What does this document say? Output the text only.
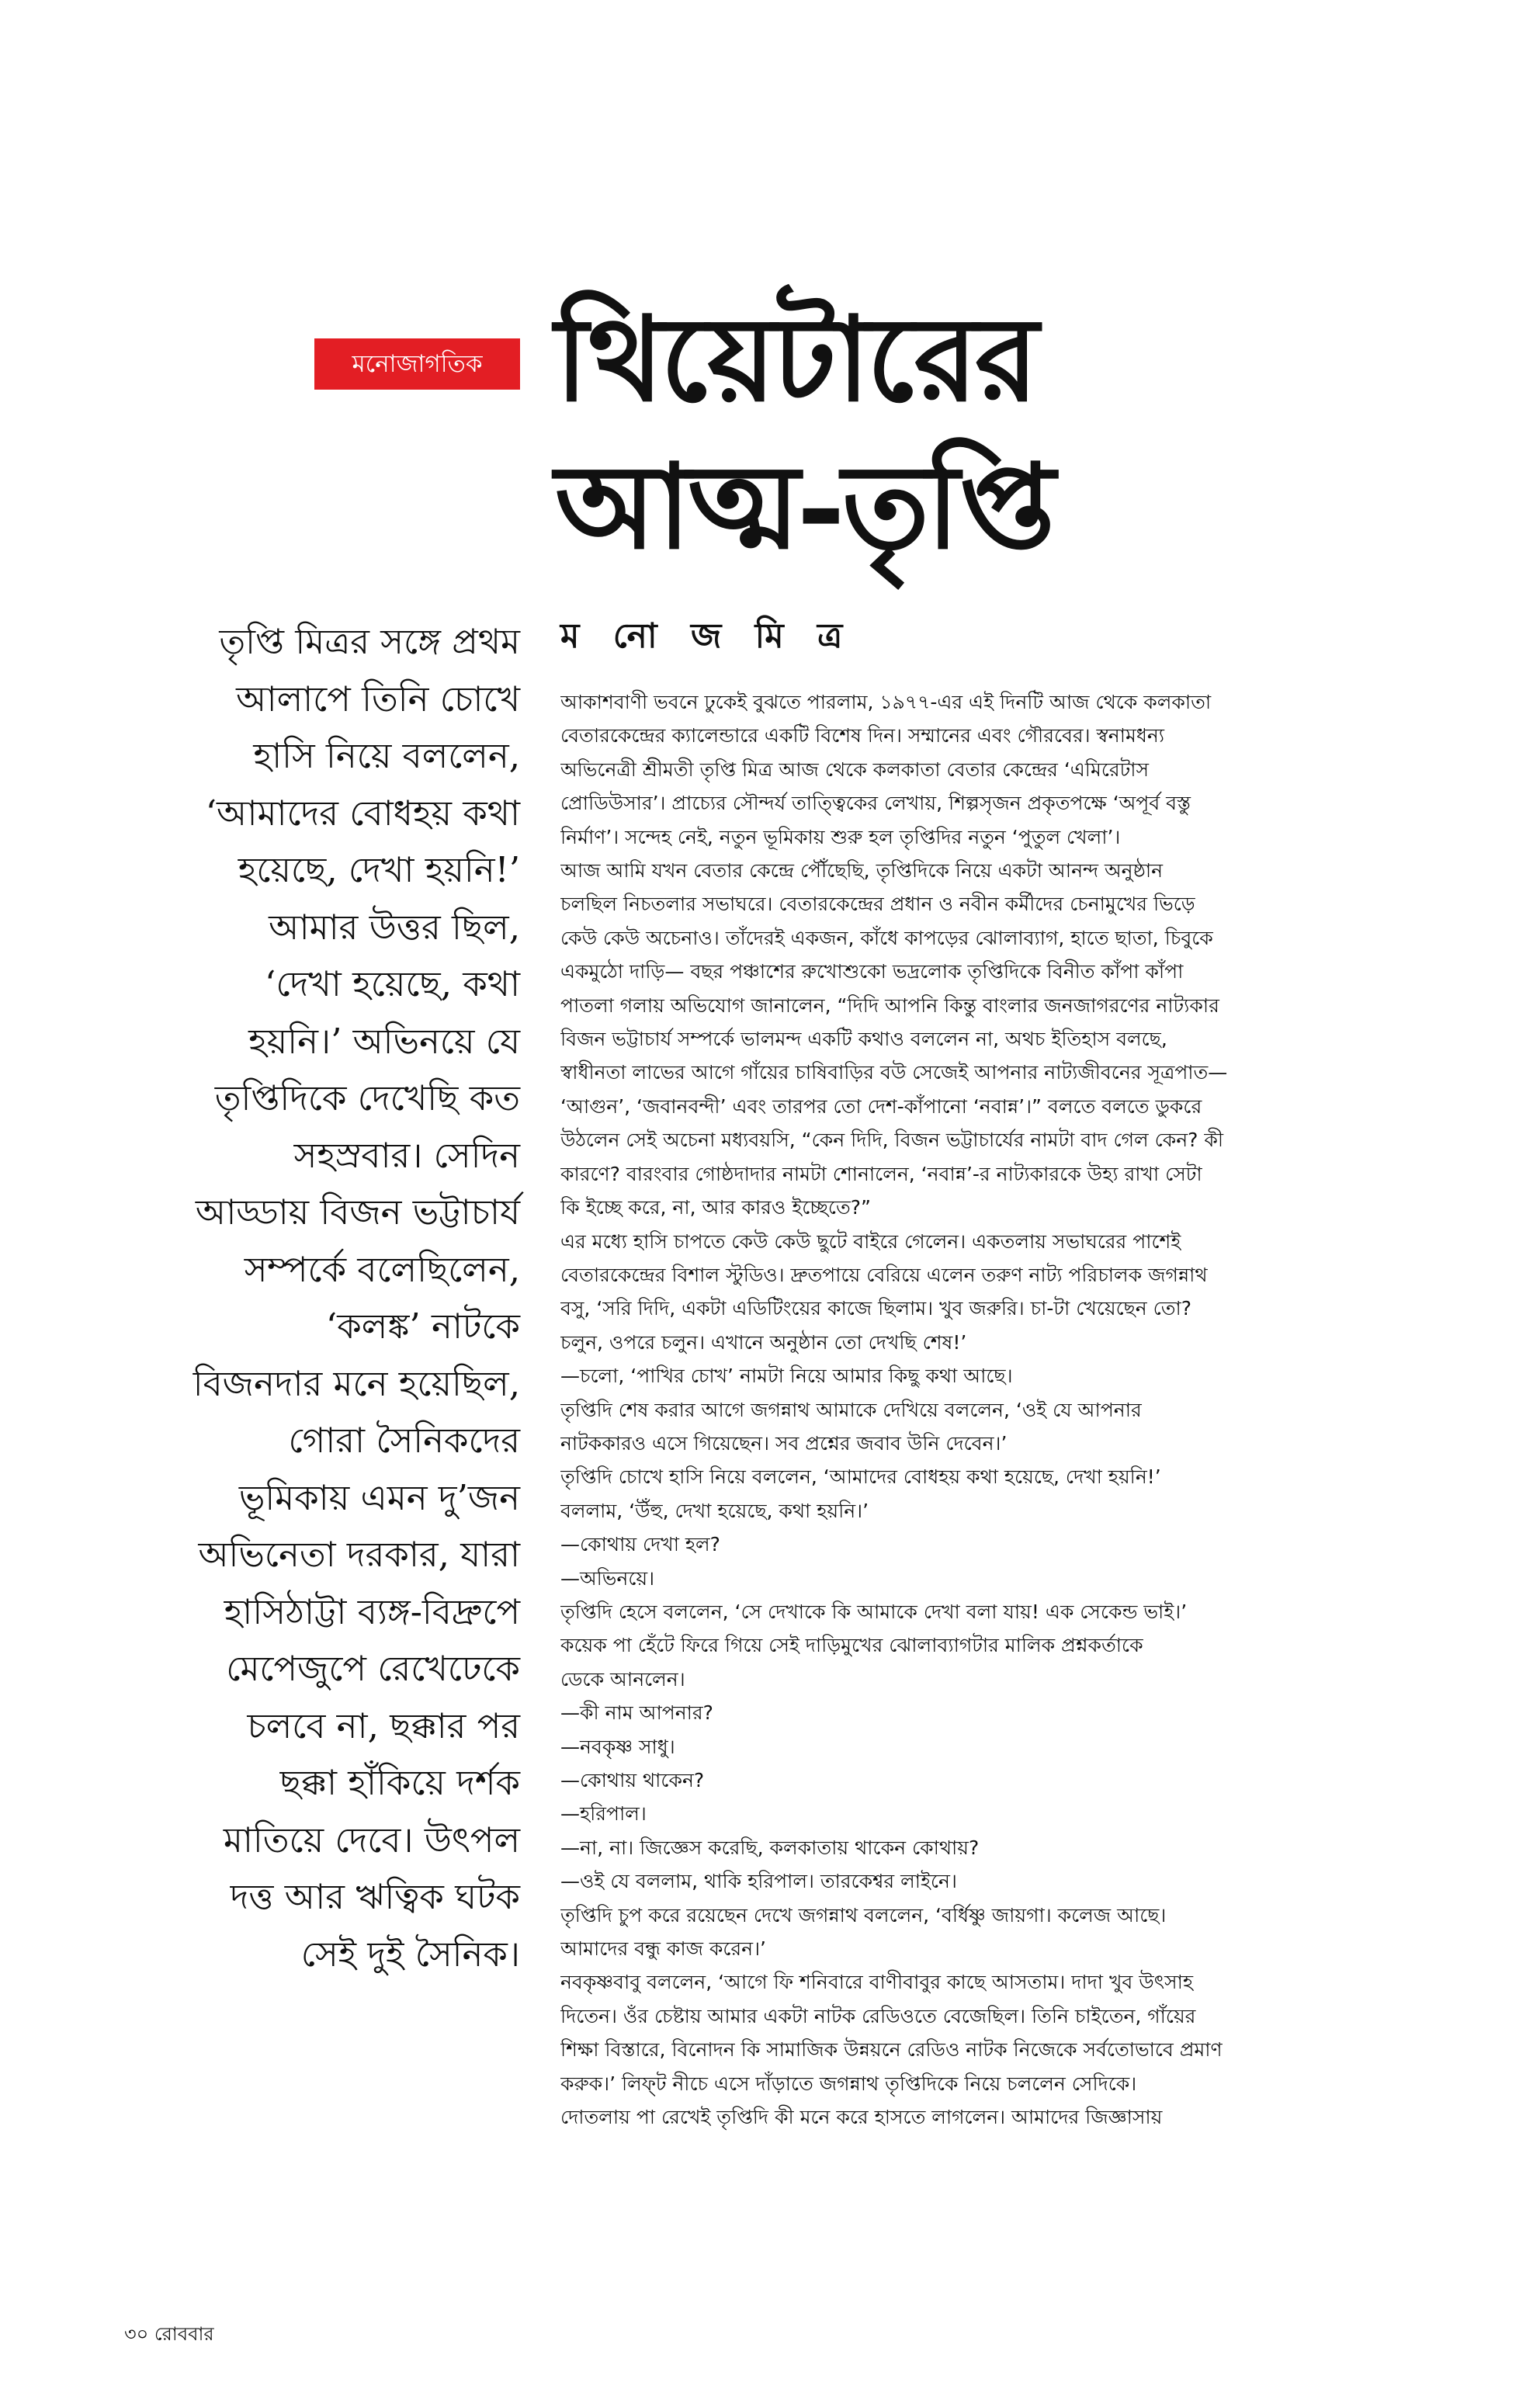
মনোজাগতিক থিয়েটারের
আত্ম-তৃপ্তি
তৃপ্তি মিত্রর সঙ্গে প্রথম
আলাপে তিনি চোখে
হাসি নিয়ে বললেন,
‘আমাদের বোধহয় কথা
হয়েছে, দেখা হয়নি!’
আমার উত্তর ছিল,
‘দেখা হয়েছে, কথা
হয়নি।’ অভিনয়ে যে
তৃপ্তিদিকে দেখেছি কত
সহস্রবার। সেদিন
আড্ডায় বিজন ভট্টাচার্য
সম্পর্কে বলেছিলেন,
‘কলঙ্ক’ নাটকে
বিজনদার মনে হয়েছিল,
গোরা সৈনিকদের
ভূমিকায় এমন দু’জন
অভিনেতা দরকার, যারা
হাসিঠাট্টা ব্যঙ্গ-বিদ্রুপে
মেপেজুপে রেখেঢেকে
চলবে না, ছক্কার পর
ছক্কা হাঁকিয়ে দর্শক
মাতিয়ে দেবে। উৎপল
দত্ত আর ঋত্বিক ঘটক
সেই দুই সৈনিক।
ম নো জ মি ত্র
আকাশবাণী ভবনে ঢুকেই বুঝতে পারলাম, ১৯৭৭-এর এই দিনটি আজ থেকে কলকাতা
বেতারকেন্দ্রের ক্যালেন্ডারে একটি বিশেষ দিন। সম্মানের এবং গৌরবের। স্বনামধন্য
অভিনেত্রী শ্রীমতী তৃপ্তি মিত্র আজ থেকে কলকাতা বেতার কেন্দ্রের ‘এমিরেটাস
প্রোডিউসার’। প্রাচ্যের সৌন্দর্য তাত্ত্বিকের লেখায়, শিল্পসৃজন প্রকৃতপক্ষে ‘অপূর্ব বস্তু
নির্মাণ’। সন্দেহ নেই, নতুন ভূমিকায় শুরু হল তৃপ্তিদির নতুন ‘পুতুল খেলা’।
আজ আমি যখন বেতার কেন্দ্রে পৌঁছেছি, তৃপ্তিদিকে নিয়ে একটা আনন্দ অনুষ্ঠান
চলছিল নিচতলার সভাঘরে। বেতারকেন্দ্রের প্রধান ও নবীন কর্মীদের চেনামুখের ভিড়ে
কেউ কেউ অচেনাও। তাঁদেরই একজন, কাঁধে কাপড়ের ঝোলাব্যাগ, হাতে ছাতা, চিবুকে
একমুঠো দাড়ি— বছর পঞ্চাশের রুখোশুকো ভদ্রলোক তৃপ্তিদিকে বিনীত কাঁপা কাঁপা
পাতলা গলায় অভিযোগ জানালেন, “দিদি আপনি কিন্তু বাংলার জনজাগরণের নাট্যকার
বিজন ভট্টাচার্য সম্পর্কে ভালমন্দ একটি কথাও বললেন না, অথচ ইতিহাস বলছে,
স্বাধীনতা লাভের আগে গাঁয়ের চাষিবাড়ির বউ সেজেই আপনার নাট্যজীবনের সূত্রপাত—
‘আগুন’, ‘জবানবন্দী’ এবং তারপর তো দেশ-কাঁপানো ‘নবান্ন’।” বলতে বলতে ডুকরে
উঠলেন সেই অচেনা মধ্যবয়সি, “কেন দিদি, বিজন ভট্টাচার্যের নামটা বাদ গেল কেন? কী
কারণে? বারংবার গোষ্ঠদাদার নামটা শোনালেন, ‘নবান্ন’-র নাট্যকারকে উহ্য রাখা সেটা
কি ইচ্ছে করে, না, আর কারও ইচ্ছেতে?”
এর মধ্যে হাসি চাপতে কেউ কেউ ছুটে বাইরে গেলেন। একতলায় সভাঘরের পাশেই
বেতারকেন্দ্রের বিশাল স্টুডিও। দ্রুতপায়ে বেরিয়ে এলেন তরুণ নাট্য পরিচালক জগন্নাথ
বসু, ‘সরি দিদি, একটা এডিটিংয়ের কাজে ছিলাম। খুব জরুরি। চা-টা খেয়েছেন তো?
চলুন, ওপরে চলুন। এখানে অনুষ্ঠান তো দেখছি শেষ!’
—চলো, ‘পাখির চোখ’ নামটা নিয়ে আমার কিছু কথা আছে।
তৃপ্তিদি শেষ করার আগে জগন্নাথ আমাকে দেখিয়ে বললেন, ‘ওই যে আপনার
নাটককারও এসে গিয়েছেন। সব প্রশ্নের জবাব উনি দেবেন।’
তৃপ্তিদি চোখে হাসি নিয়ে বললেন, ‘আমাদের বোধহয় কথা হয়েছে, দেখা হয়নি!’
বললাম, ‘উঁহু, দেখা হয়েছে, কথা হয়নি।’
—কোথায় দেখা হল?
—অভিনয়ে।
তৃপ্তিদি হেসে বললেন, ‘সে দেখাকে কি আমাকে দেখা বলা যায়! এক সেকেন্ড ভাই।’
কয়েক পা হেঁটে ফিরে গিয়ে সেই দাড়িমুখের ঝোলাব্যাগটার মালিক প্রশ্নকর্তাকে
ডেকে আনলেন।
—কী নাম আপনার?
—নবকৃষ্ণ সাধু।
—কোথায় থাকেন?
—হরিপাল।
—না, না। জিজ্ঞেস করেছি, কলকাতায় থাকেন কোথায়?
—ওই যে বললাম, থাকি হরিপাল। তারকেশ্বর লাইনে।
তৃপ্তিদি চুপ করে রয়েছেন দেখে জগন্নাথ বললেন, ‘বর্ধিষ্ণু জায়গা। কলেজ আছে।
আমাদের বন্ধু কাজ করেন।’
নবকৃষ্ণবাবু বললেন, ‘আগে ফি শনিবারে বাণীবাবুর কাছে আসতাম। দাদা খুব উৎসাহ
দিতেন। ওঁর চেষ্টায় আমার একটা নাটক রেডিওতে বেজেছিল। তিনি চাইতেন, গাঁয়ের
শিক্ষা বিস্তারে, বিনোদন কি সামাজিক উন্নয়নে রেডিও নাটক নিজেকে সর্বতোভাবে প্রমাণ
করুক।’ লিফ্‌ট নীচে এসে দাঁড়াতে জগন্নাথ তৃপ্তিদিকে নিয়ে চললেন সেদিকে।
দোতলায় পা রেখেই তৃপ্তিদি কী মনে করে হাসতে লাগলেন। আমাদের জিজ্ঞাসায়
৩০ রোববার
